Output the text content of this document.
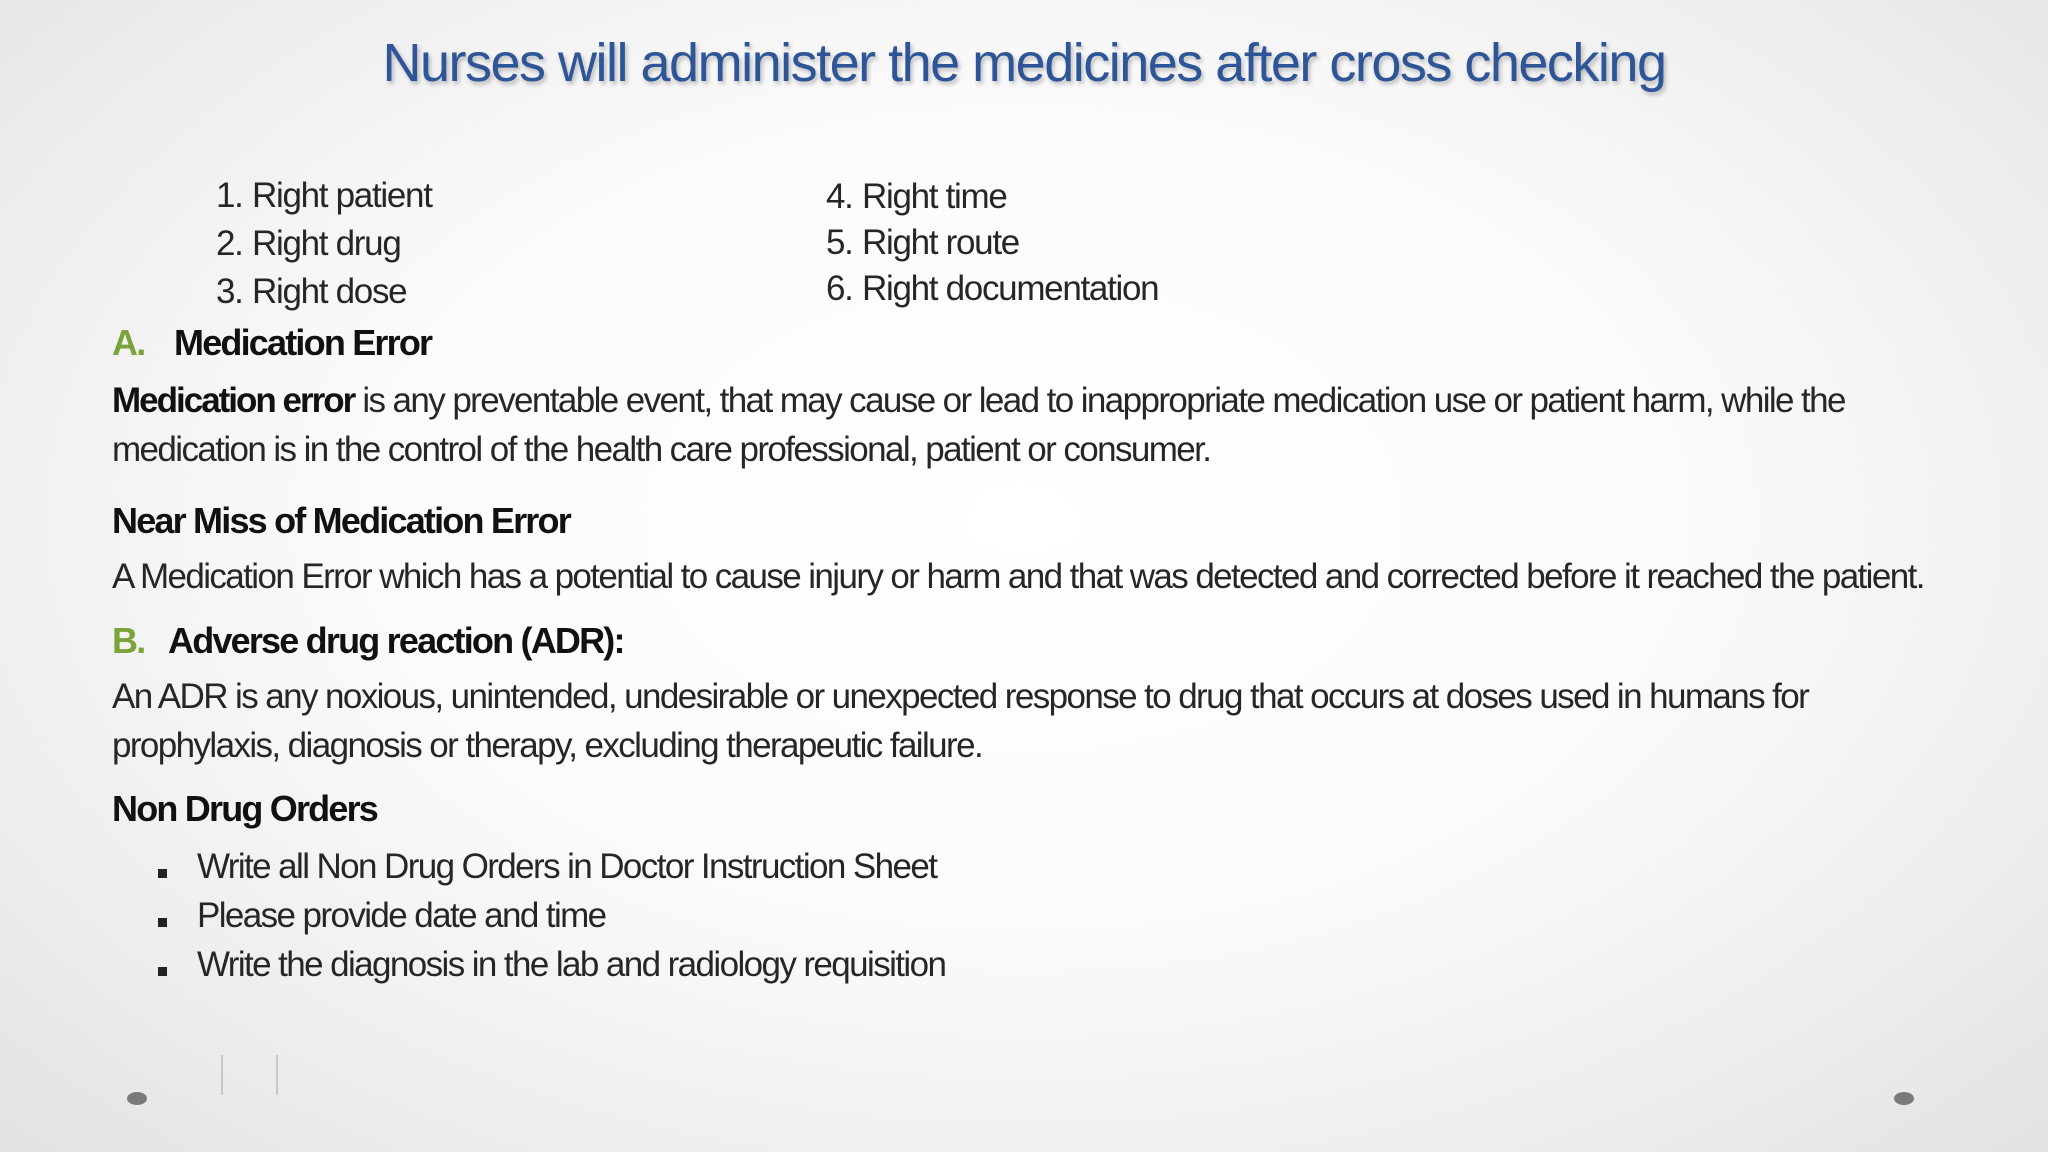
Nurses will administer the medicines after cross checking
1. Right patient
2. Right drug
3. Right dose
4. Right time
5. Right route
6. Right documentation
A. Medication Error

Medication error is any preventable event, that may cause or lead to inappropriate medication use or patient harm, while the medication is in the control of the health care professional, patient or consumer.

Near Miss of Medication Error

A Medication Error which has a potential to cause injury or harm and that was detected and corrected before it reached the patient.

B. Adverse drug reaction (ADR):

An ADR is any noxious, unintended, undesirable or unexpected response to drug that occurs at doses used in humans for prophylaxis, diagnosis or therapy, excluding therapeutic failure.

Non Drug Orders
Write all Non Drug Orders in Doctor Instruction Sheet
Please provide date and time
Write the diagnosis in the lab and radiology requisition
